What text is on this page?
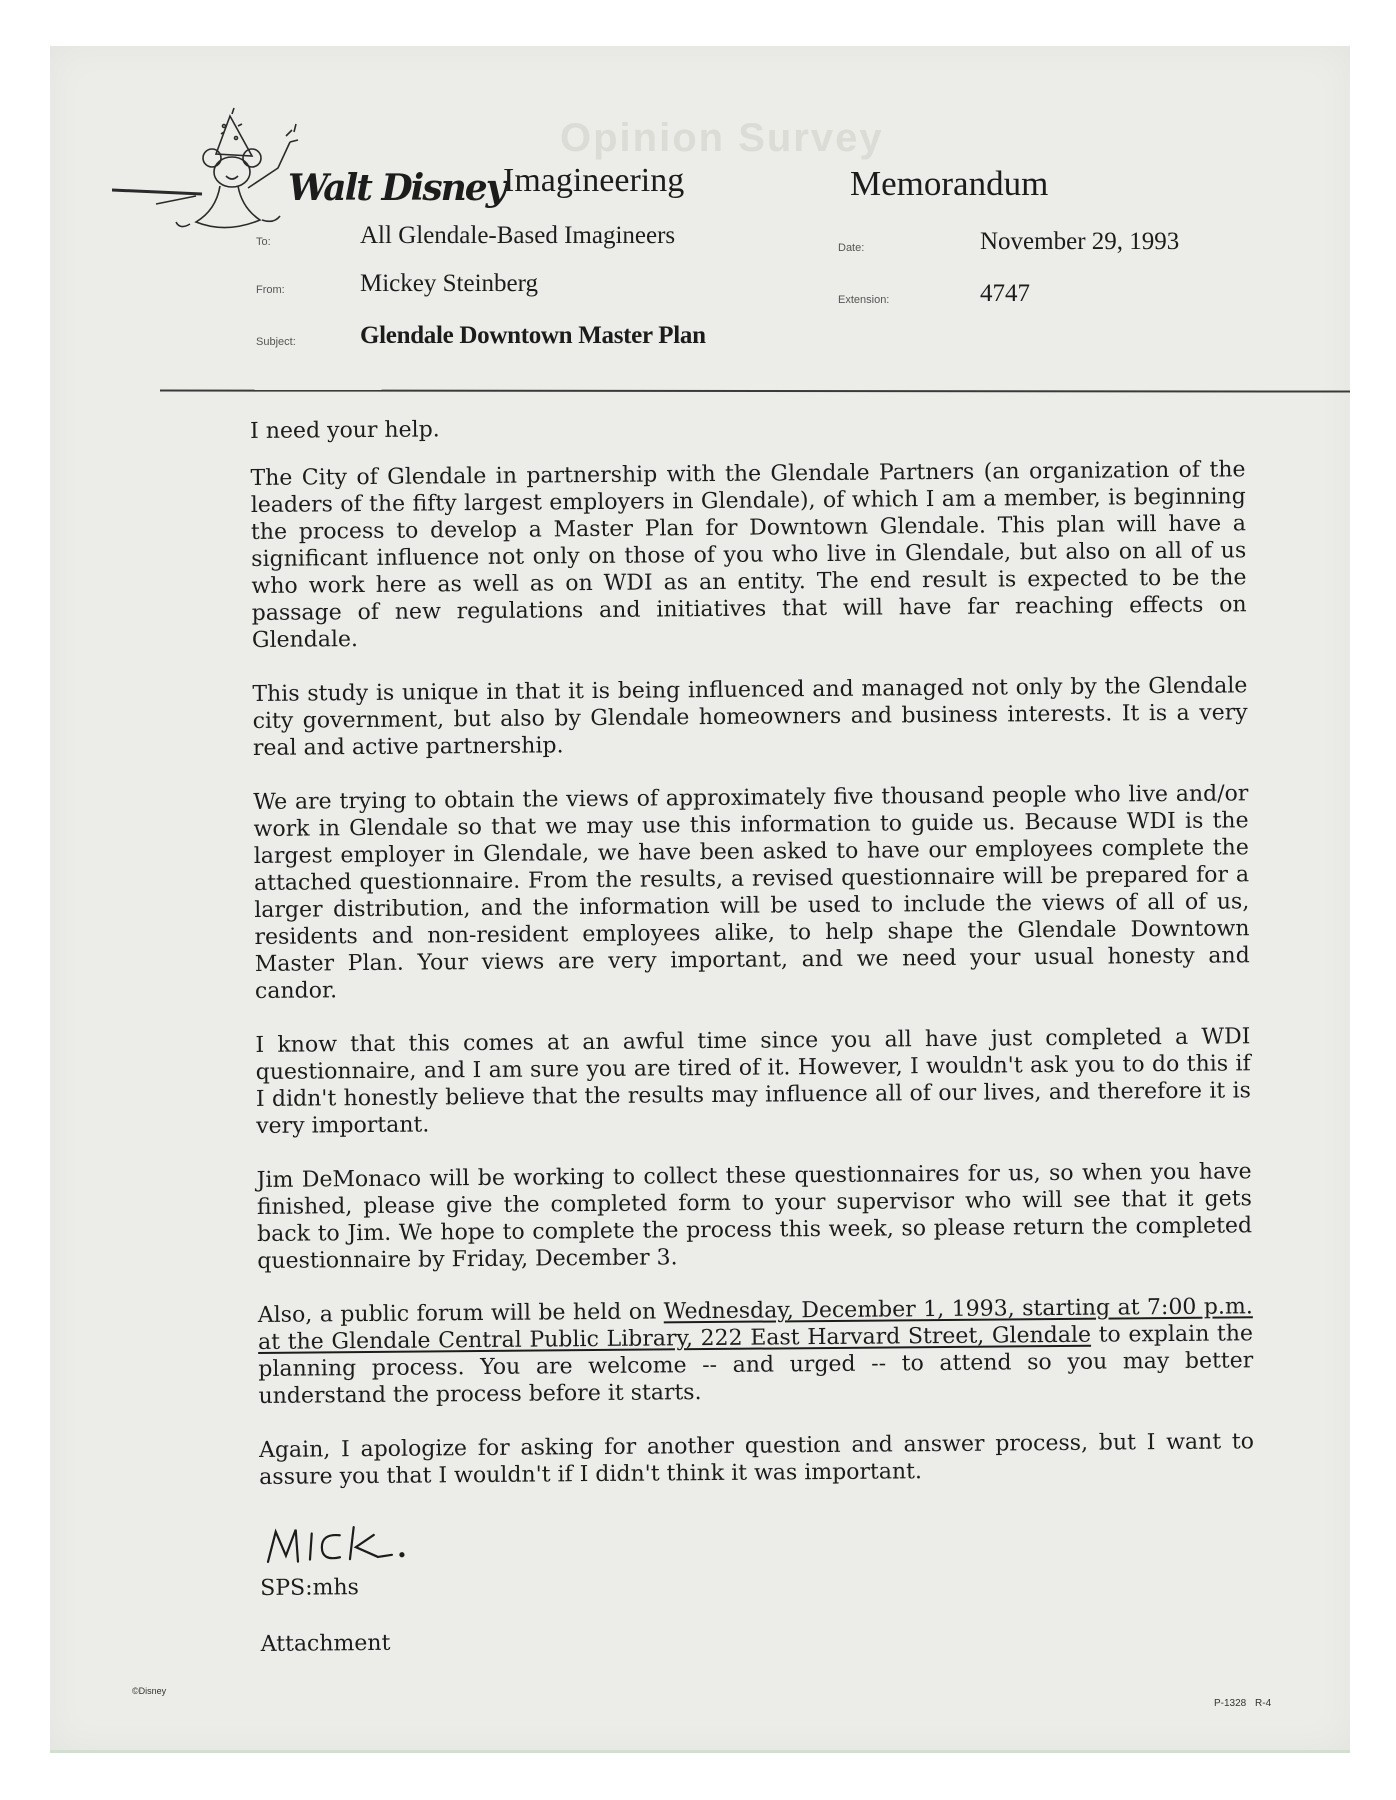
Opinion Survey
Walt Disney
Imagineering	Memorandum
To:	All Glendale-Based Imagineers	Date:	November 29, 1993
From:	Mickey Steinberg
Extension:	4747
Subject:	Glendale Downtown Master Plan

I need your help.

The City of Glendale in partnership with the Glendale Partners (an organization of the leaders of the fifty largest employers in Glendale), of which I am a member, is beginning the process to develop a Master Plan for Downtown Glendale. This plan will have a significant influence not only on those of you who live in Glendale, but also on all of us who work here as well as on WDI as an entity. The end result is expected to be the passage of new regulations and initiatives that will have far reaching effects on Glendale.

This study is unique in that it is being influenced and managed not only by the Glendale city government, but also by Glendale homeowners and business interests. It is a very real and active partnership.

We are trying to obtain the views of approximately five thousand people who live and/or work in Glendale so that we may use this information to guide us. Because WDI is the largest employer in Glendale, we have been asked to have our employees complete the attached questionnaire. From the results, a revised questionnaire will be prepared for a larger distribution, and the information will be used to include the views of all of us, residents and non-resident employees alike, to help shape the Glendale Downtown Master Plan. Your views are very important, and we need your usual honesty and candor.

I know that this comes at an awful time since you all have just completed a WDI questionnaire, and I am sure you are tired of it. However, I wouldn't ask you to do this if I didn't honestly believe that the results may influence all of our lives, and therefore it is very important.

Jim DeMonaco will be working to collect these questionnaires for us, so when you have finished, please give the completed form to your supervisor who will see that it gets back to Jim. We hope to complete the process this week, so please return the completed questionnaire by Friday, December 3.

Also, a public forum will be held on Wednesday, December 1, 1993, starting at 7:00 p.m. at the Glendale Central Public Library, 222 East Harvard Street, Glendale to explain the planning process. You are welcome -- and urged -- to attend so you may better understand the process before it starts.

Again, I apologize for asking for another question and answer process, but I want to assure you that I wouldn't if I didn't think it was important.

SPS:mhs

Attachment

©Disney
P-1328 R-4
